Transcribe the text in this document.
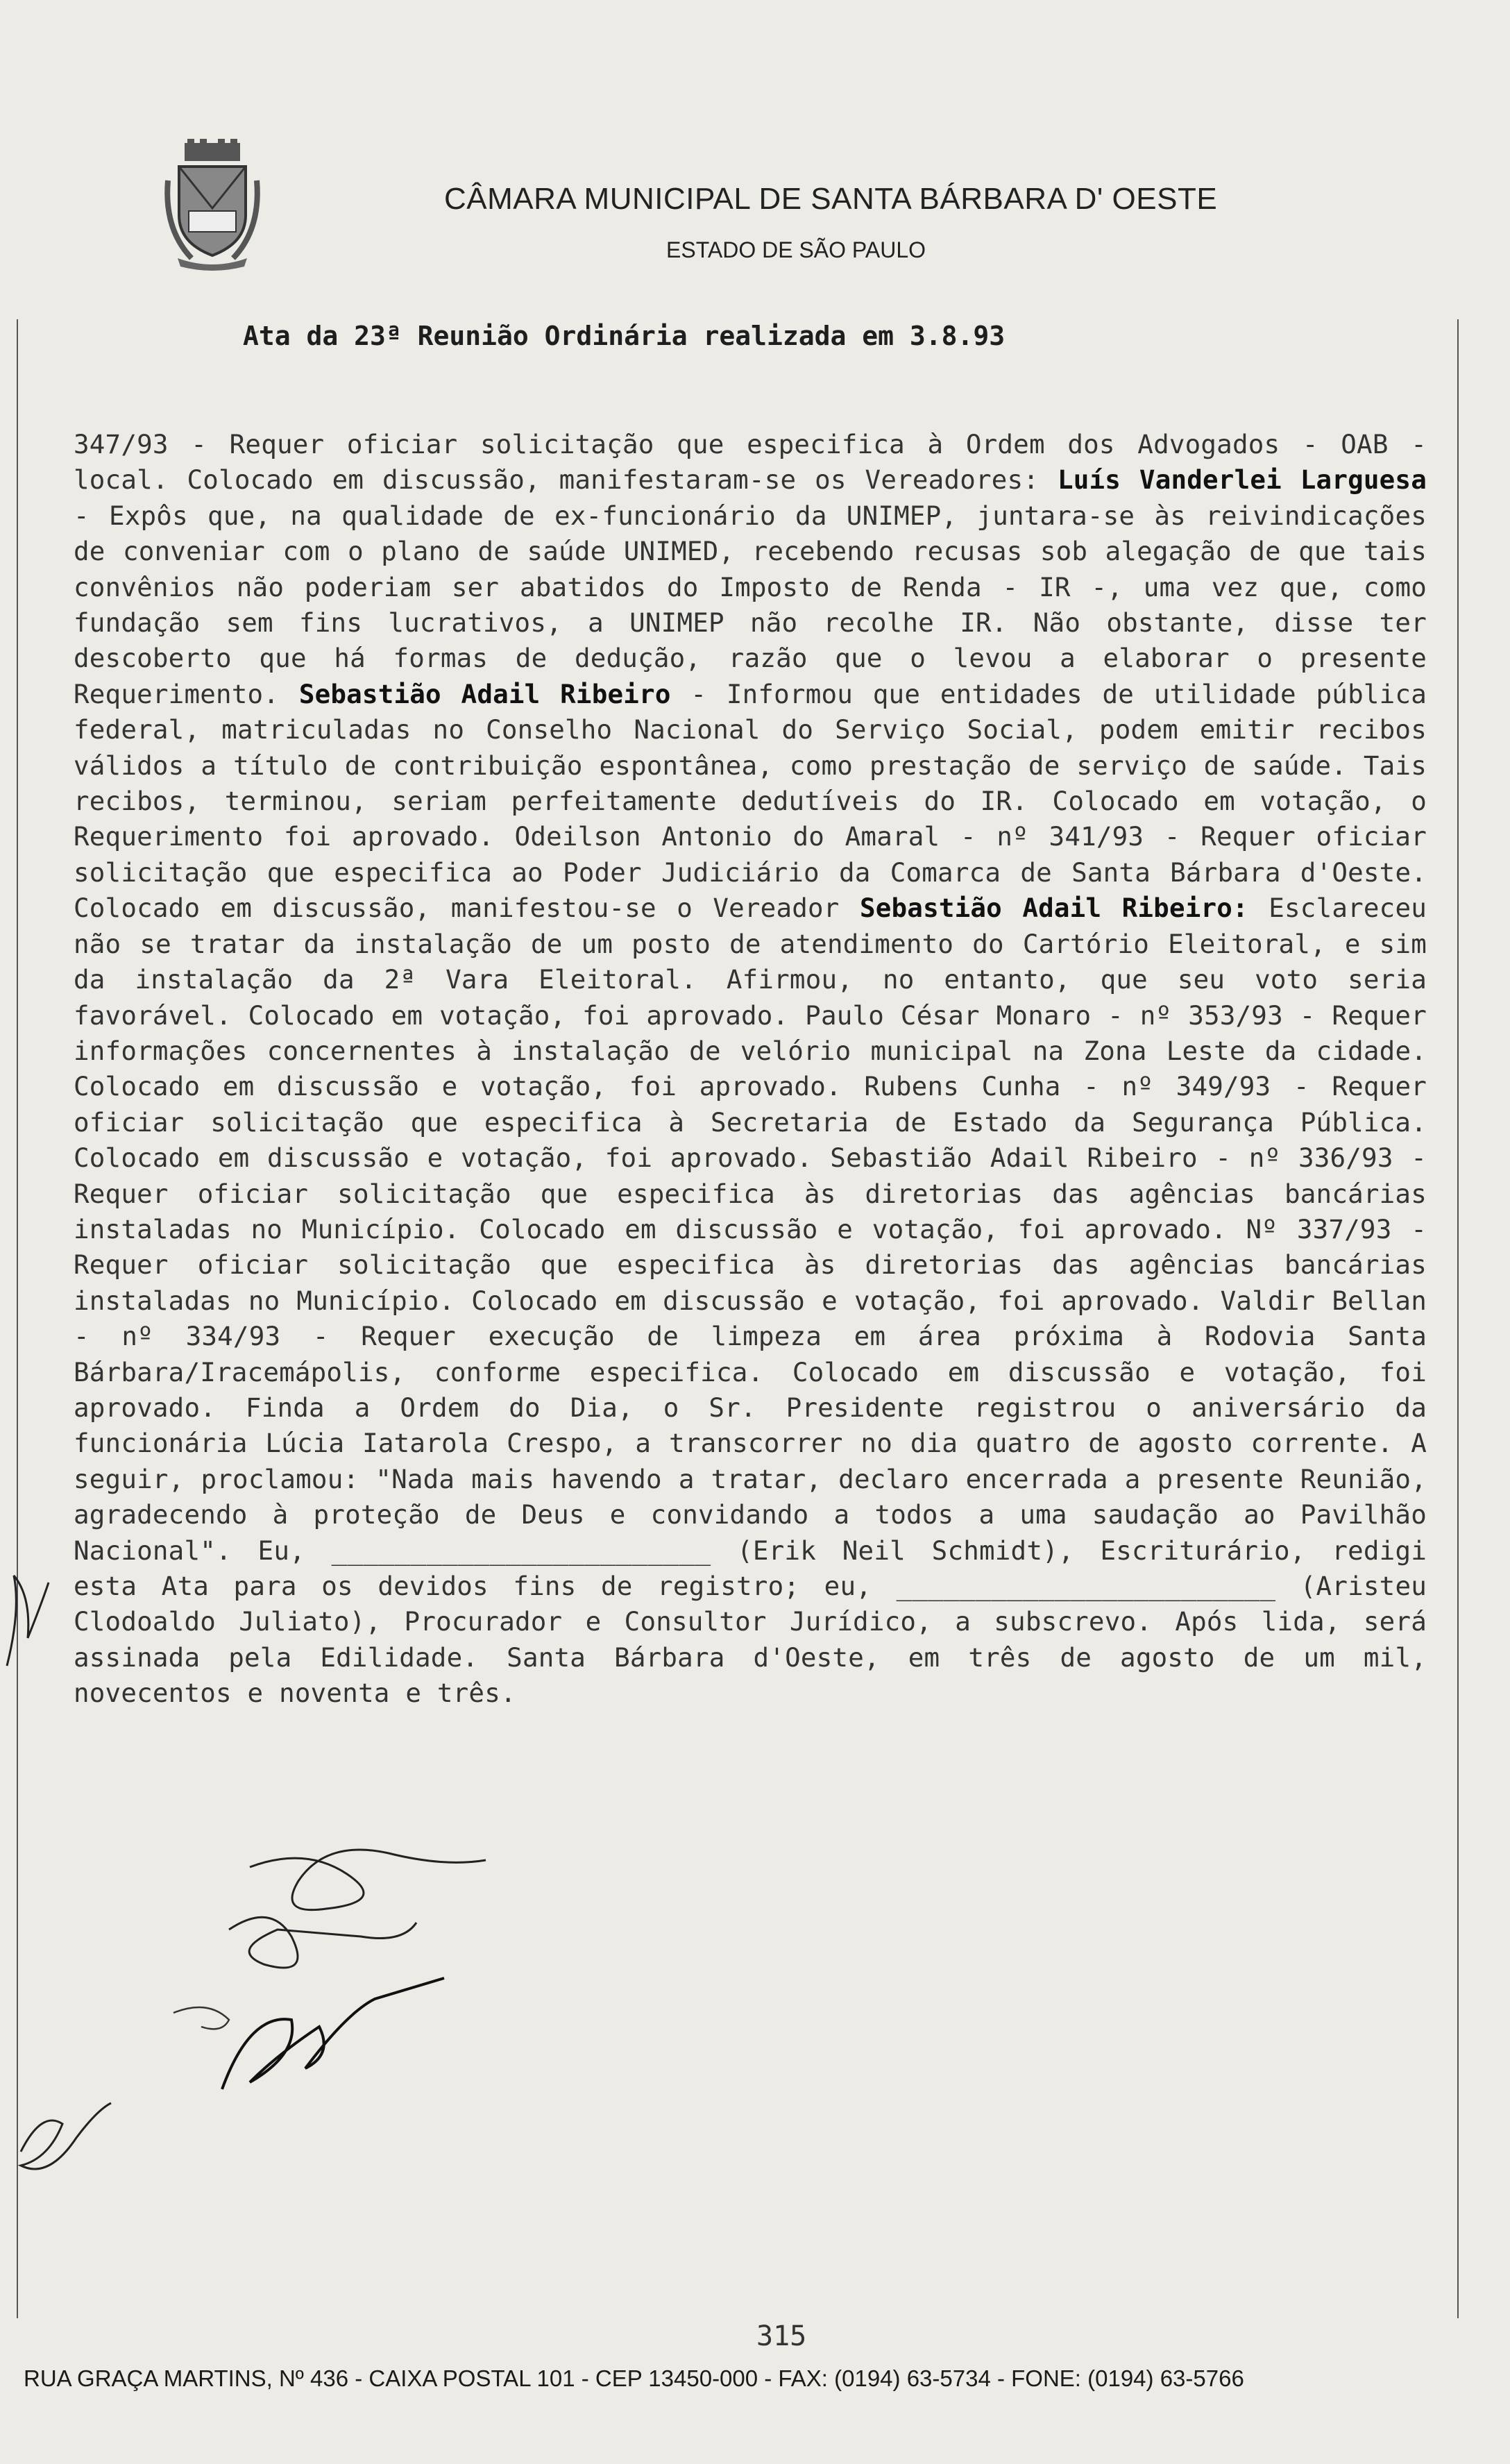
CÂMARA MUNICIPAL DE SANTA BÁRBARA D' OESTE
ESTADO DE SÃO PAULO
Ata da 23ª Reunião Ordinária realizada em 3.8.93
347/93 - Requer oficiar solicitação que especifica à Ordem dos Advogados - OAB - local. Colocado em discussão, manifestaram-se os Vereadores: Luís Vanderlei Larguesa - Expôs que, na qualidade de ex-funcionário da UNIMEP, juntara-se às reivindicações de conveniar com o plano de saúde UNIMED, recebendo recusas sob alegação de que tais convênios não poderiam ser abatidos do Imposto de Renda - IR -, uma vez que, como fundação sem fins lucrativos, a UNIMEP não recolhe IR. Não obstante, disse ter descoberto que há formas de dedução, razão que o levou a elaborar o presente Requerimento. Sebastião Adail Ribeiro - Informou que entidades de utilidade pública federal, matriculadas no Conselho Nacional do Serviço Social, podem emitir recibos válidos a título de contribuição espontânea, como prestação de serviço de saúde. Tais recibos, terminou, seriam perfeitamente dedutíveis do IR. Colocado em votação, o Requerimento foi aprovado. Odeilson Antonio do Amaral - nº 341/93 - Requer oficiar solicitação que especifica ao Poder Judiciário da Comarca de Santa Bárbara d'Oeste. Colocado em discussão, manifestou-se o Vereador Sebastião Adail Ribeiro: Esclareceu não se tratar da instalação de um posto de atendimento do Cartório Eleitoral, e sim da instalação da 2ª Vara Eleitoral. Afirmou, no entanto, que seu voto seria favorável. Colocado em votação, foi aprovado. Paulo César Monaro - nº 353/93 - Requer informações concernentes à instalação de velório municipal na Zona Leste da cidade. Colocado em discussão e votação, foi aprovado. Rubens Cunha - nº 349/93 - Requer oficiar solicitação que especifica à Secretaria de Estado da Segurança Pública. Colocado em discussão e votação, foi aprovado. Sebastião Adail Ribeiro - nº 336/93 - Requer oficiar solicitação que especifica às diretorias das agências bancárias instaladas no Município. Colocado em discussão e votação, foi aprovado. Nº 337/93 - Requer oficiar solicitação que especifica às diretorias das agências bancárias instaladas no Município. Colocado em discussão e votação, foi aprovado. Valdir Bellan - nº 334/93 - Requer execução de limpeza em área próxima à Rodovia Santa Bárbara/Iracemápolis, conforme especifica. Colocado em discussão e votação, foi aprovado. Finda a Ordem do Dia, o Sr. Presidente registrou o aniversário da funcionária Lúcia Iatarola Crespo, a transcorrer no dia quatro de agosto corrente. A seguir, proclamou: "Nada mais havendo a tratar, declaro encerrada a presente Reunião, agradecendo à proteção de Deus e convidando a todos a uma saudação ao Pavilhão Nacional". Eu, ________________________ (Erik Neil Schmidt), Escriturário, redigi esta Ata para os devidos fins de registro; eu, ________________________ (Aristeu Clodoaldo Juliato), Procurador e Consultor Jurídico, a subscrevo. Após lida, será assinada pela Edilidade. Santa Bárbara d'Oeste, em três de agosto de um mil, novecentos e noventa e três.
315
RUA GRAÇA MARTINS, Nº 436 - CAIXA POSTAL 101 - CEP 13450-000 - FAX: (0194) 63-5734 - FONE: (0194) 63-5766
